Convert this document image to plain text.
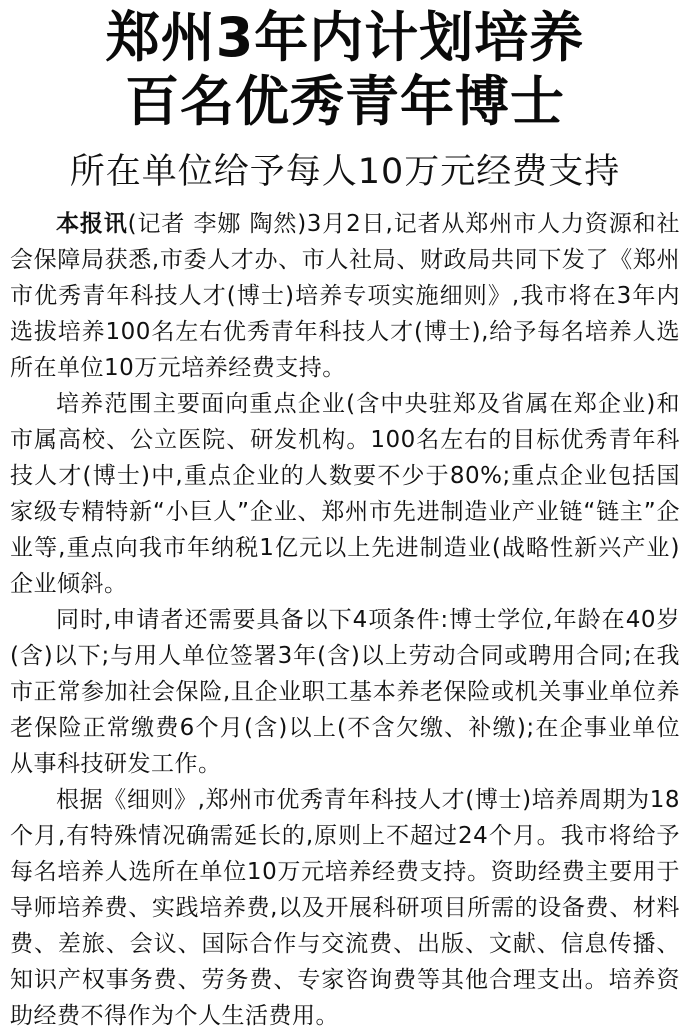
郑州3年内计划培养
百名优秀青年博士
所在单位给予每人10万元经费支持

本报讯(记者 李娜 陶然)3月2日,记者从郑州市人力资源和社会保障局获悉,市委人才办、市人社局、财政局共同下发了《郑州市优秀青年科技人才(博士)培养专项实施细则》,我市将在3年内选拔培养100名左右优秀青年科技人才(博士),给予每名培养人选所在单位10万元培养经费支持。

培养范围主要面向重点企业(含中央驻郑及省属在郑企业)和市属高校、公立医院、研发机构。100名左右的目标优秀青年科技人才(博士)中,重点企业的人数要不少于80%;重点企业包括国家级专精特新“小巨人”企业、郑州市先进制造业产业链“链主”企业等,重点向我市年纳税1亿元以上先进制造业(战略性新兴产业)企业倾斜。

同时,申请者还需要具备以下4项条件:博士学位,年龄在40岁(含)以下;与用人单位签署3年(含)以上劳动合同或聘用合同;在我市正常参加社会保险,且企业职工基本养老保险或机关事业单位养老保险正常缴费6个月(含)以上(不含欠缴、补缴);在企事业单位从事科技研发工作。

根据《细则》,郑州市优秀青年科技人才(博士)培养周期为18个月,有特殊情况确需延长的,原则上不超过24个月。我市将给予每名培养人选所在单位10万元培养经费支持。资助经费主要用于导师培养费、实践培养费,以及开展科研项目所需的设备费、材料费、差旅、会议、国际合作与交流费、出版、文献、信息传播、知识产权事务费、劳务费、专家咨询费等其他合理支出。培养资助经费不得作为个人生活费用。
